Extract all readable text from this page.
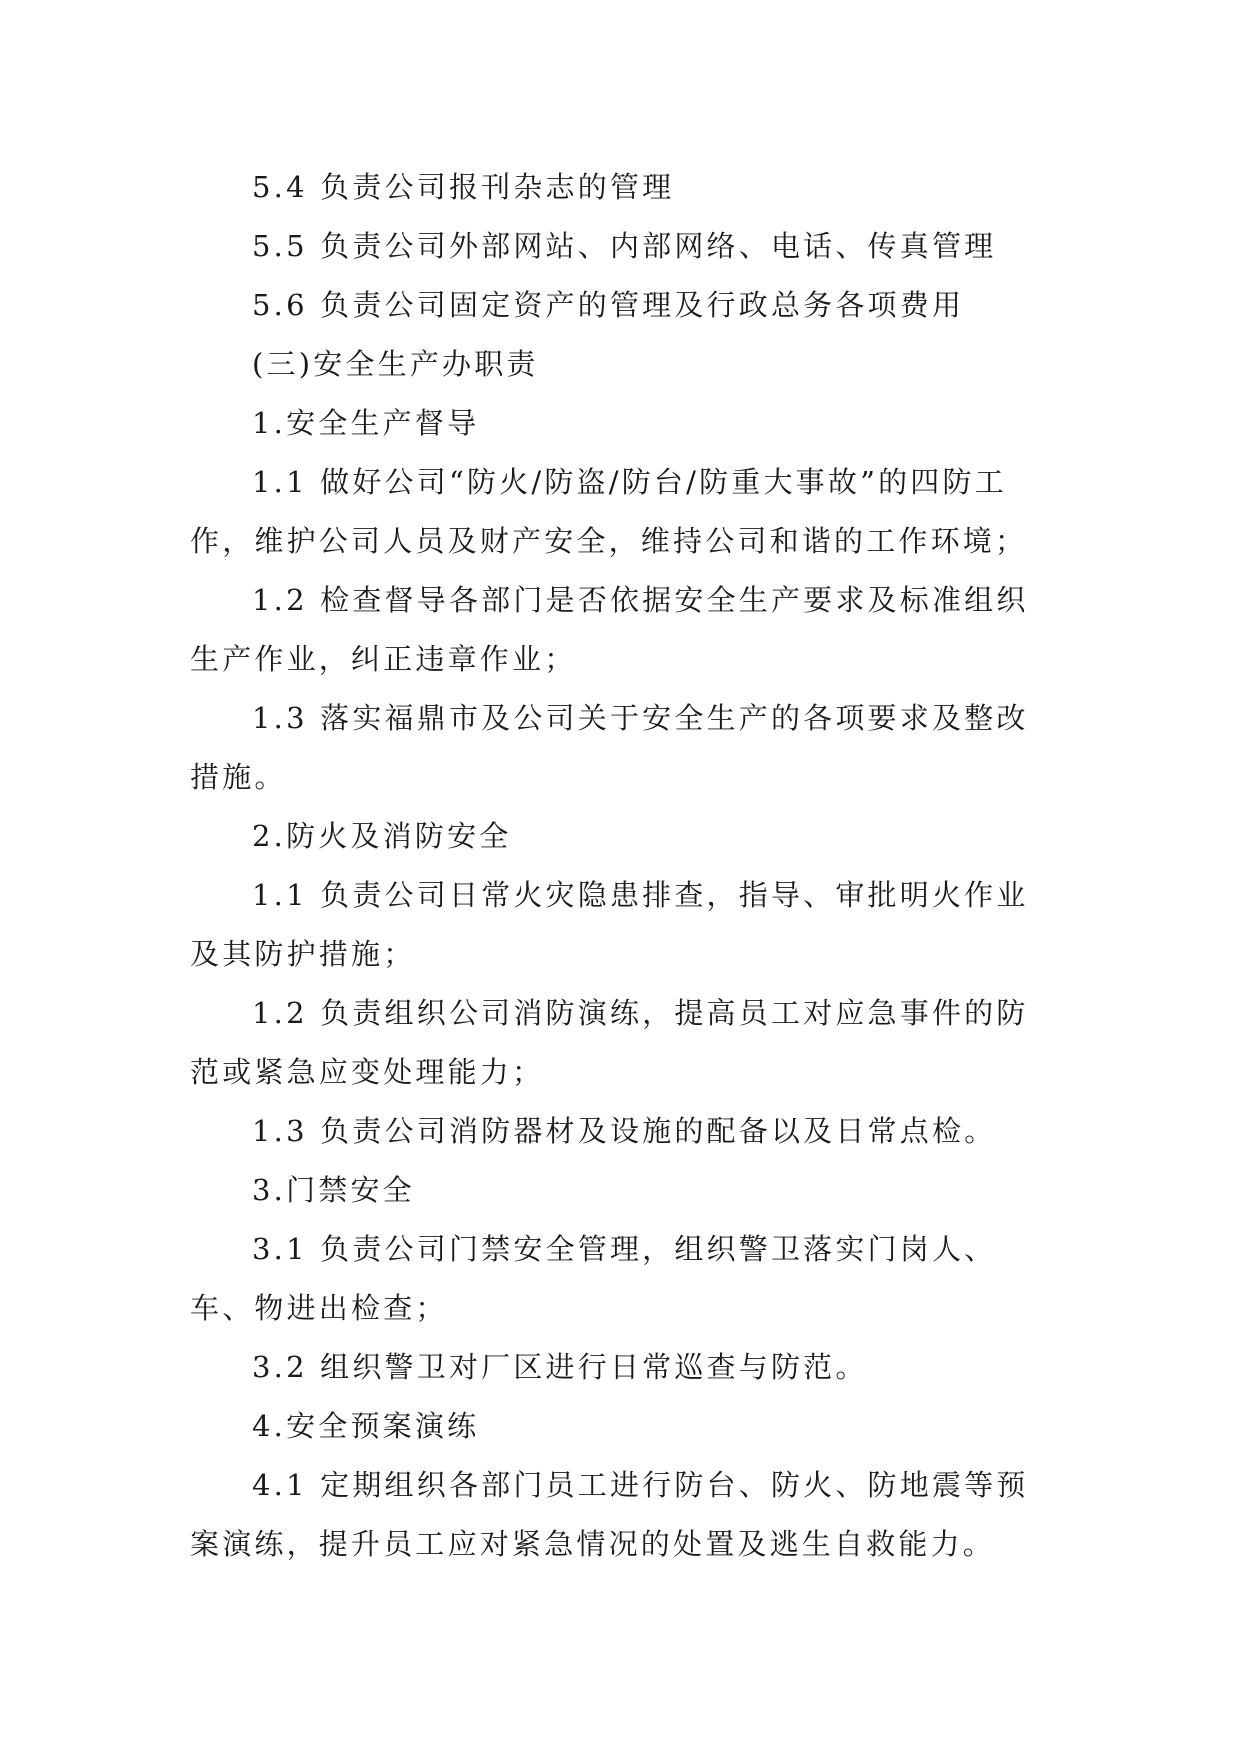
5.4 负责公司报刊杂志的管理

5.5 负责公司外部网站、内部网络、电话、传真管理

5.6 负责公司固定资产的管理及行政总务各项费用

(三)安全生产办职责

1.安全生产督导

1.1 做好公司“防火/防盗/防台/防重大事故”的四防工作，维护公司人员及财产安全，维持公司和谐的工作环境；

1.2 检查督导各部门是否依据安全生产要求及标准组织生产作业，纠正违章作业；

1.3 落实福鼎市及公司关于安全生产的各项要求及整改措施。

2.防火及消防安全

1.1 负责公司日常火灾隐患排查，指导、审批明火作业及其防护措施；

1.2 负责组织公司消防演练，提高员工对应急事件的防范或紧急应变处理能力；

1.3 负责公司消防器材及设施的配备以及日常点检。

3.门禁安全

3.1 负责公司门禁安全管理，组织警卫落实门岗人、车、物进出检查；

3.2 组织警卫对厂区进行日常巡查与防范。

4.安全预案演练

4.1 定期组织各部门员工进行防台、防火、防地震等预案演练，提升员工应对紧急情况的处置及逃生自救能力。
